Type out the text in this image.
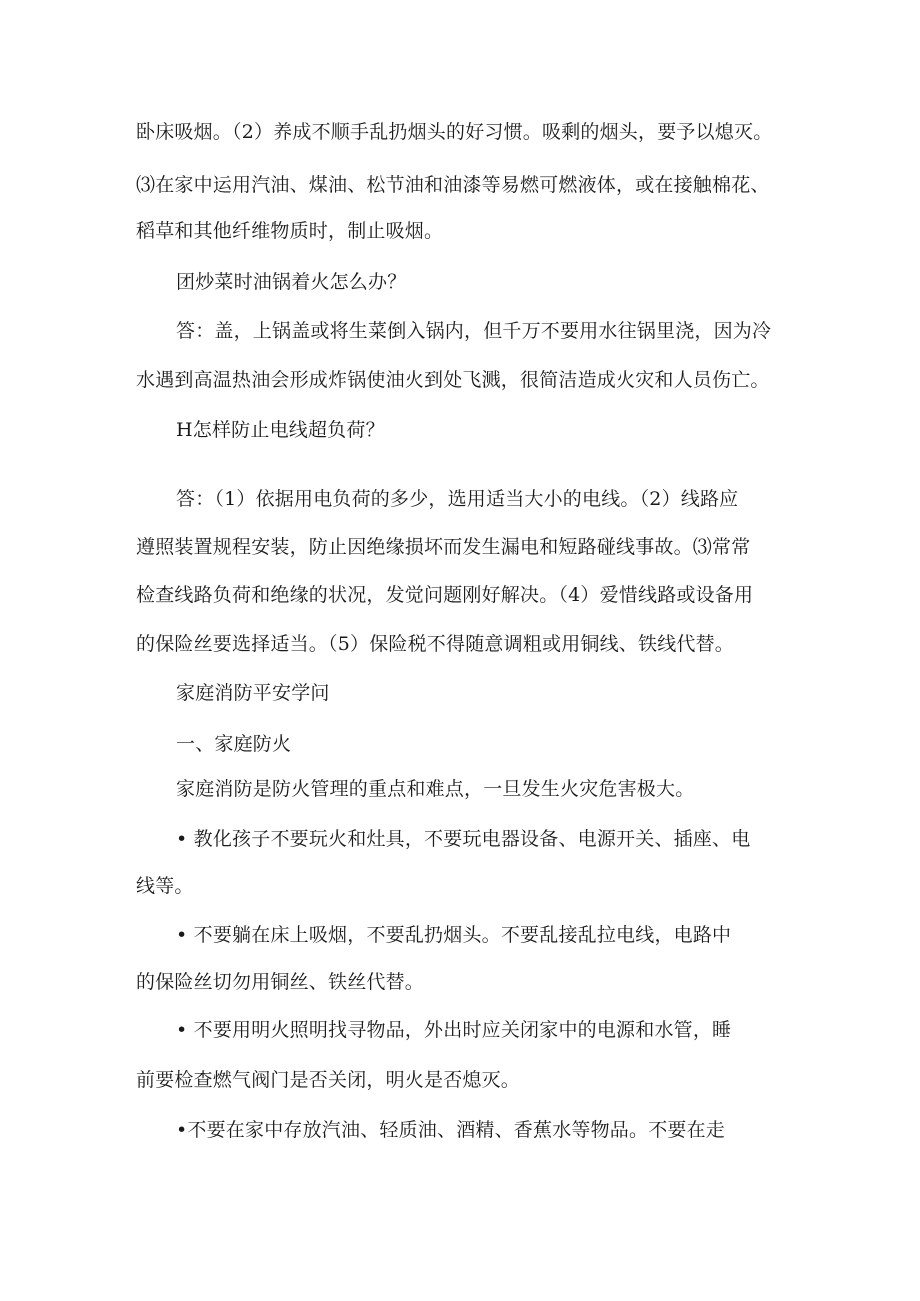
卧床吸烟。（2）养成不顺手乱扔烟头的好习惯。吸剩的烟头，要予以熄灭。
⑶在家中运用汽油、煤油、松节油和油漆等易燃可燃液体，或在接触棉花、
稻草和其他纤维物质时，制止吸烟。
团炒菜时油锅着火怎么办？
答：盖，上锅盖或将生菜倒入锅内，但千万不要用水往锅里浇，因为冷
水遇到高温热油会形成炸锅使油火到处飞溅，很简洁造成火灾和人员伤亡。
H怎样防止电线超负荷？
答：（1）依据用电负荷的多少，选用适当大小的电线。（2）线路应
遵照装置规程安装，防止因绝缘损坏而发生漏电和短路碰线事故。⑶常常
检查线路负荷和绝缘的状况，发觉问题刚好解决。（4）爱惜线路或设备用
的保险丝要选择适当。（5）保险税不得随意调粗或用铜线、铁线代替。
家庭消防平安学问
一、家庭防火
家庭消防是防火管理的重点和难点，一旦发生火灾危害极大。
• 教化孩子不要玩火和灶具，不要玩电器设备、电源开关、插座、电
线等。
• 不要躺在床上吸烟，不要乱扔烟头。不要乱接乱拉电线，电路中
的保险丝切勿用铜丝、铁丝代替。
• 不要用明火照明找寻物品，外出时应关闭家中的电源和水管，睡
前要检查燃气阀门是否关闭，明火是否熄灭。
•不要在家中存放汽油、轻质油、酒精、香蕉水等物品。不要在走
